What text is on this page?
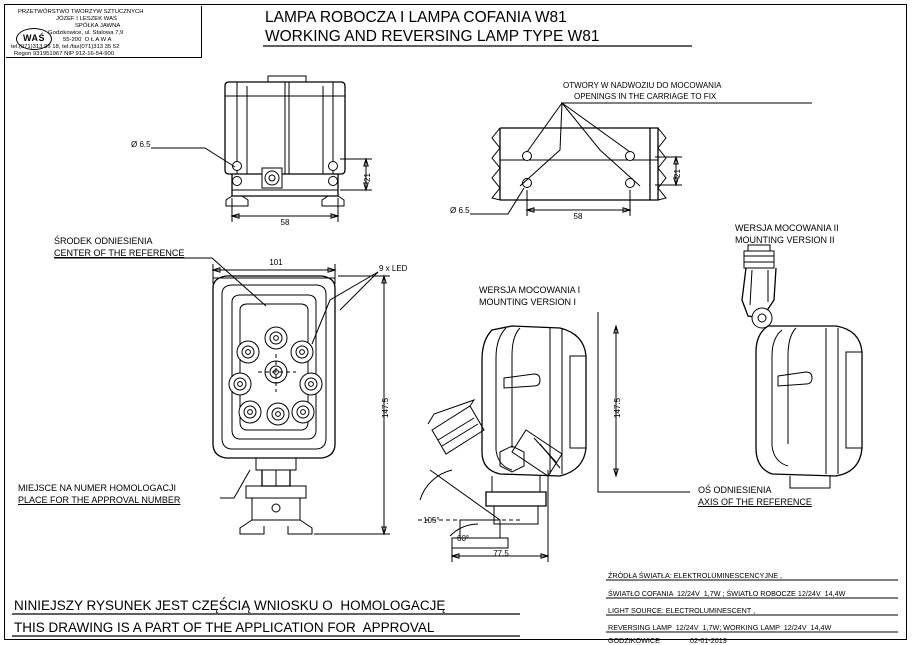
WAŚ
PRZETWÓRSTWO TWORZYW SZTUCZNYCH
JÓZEF I LESZEK WAŚ
SPÓŁKA JAWNA
Godzikowice, ul. Stalowa 7,9
55-200  O Ł A W A
tel.(071)313 95 18, tel./fax(071)313 35 52
Regon 931951967 NIP 912-16-54-900
LAMPA ROBOCZA I LAMPA COFANIA W81
WORKING AND REVERSING LAMP TYPE W81
Ø 6.5
58
21
OTWORY W NADWOZIU DO MOCOWANIA
OPENINGS IN THE CARRIAGE TO FIX
Ø 6.5
58
21
WERSJA MOCOWANIA II
MOUNTING VERSION II
ŚRODEK ODNIESIENIA
CENTER OF THE REFERENCE
9 x LED
101
147.5
MIEJSCE NA NUMER HOMOLOGACJI
PLACE FOR THE APPROVAL NUMBER
WERSJA MOCOWANIA I
MOUNTING VERSION I
105°
60°
77.5
147.5
OŚ ODNIESIENIA
AXIS OF THE REFERENCE
ŹRÓDŁA ŚWIATŁA: ELEKTROLUMINESCENCYJNE ,
ŚWIATŁO COFANIA  12/24V  1,7W ; ŚWIATŁO ROBOCZE 12/24V  14,4W
LIGHT SOURCE: ELECTROLUMINESCENT ,
REVERSING LAMP  12/24V  1,7W; WORKING LAMP  12/24V  14,4W
GODZIKOWICE	02-01-2013
NINIEJSZY RYSUNEK JEST CZĘŚCIĄ WNIOSKU O  HOMOLOGACJĘ
THIS DRAWING IS A PART OF THE APPLICATION FOR  APPROVAL
